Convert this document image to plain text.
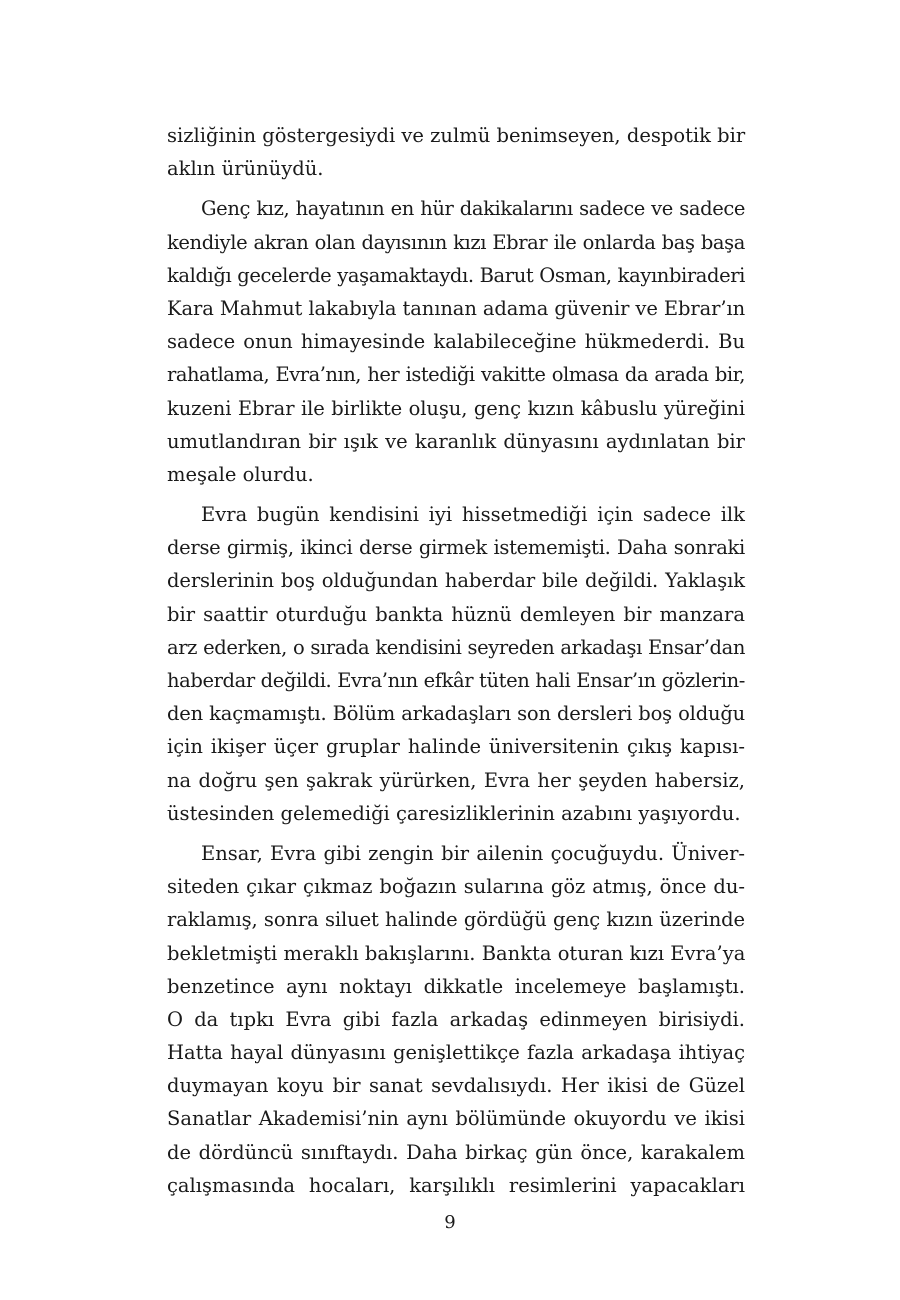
sizliğinin göstergesiydi ve zulmü benimseyen, despotik bir
aklın ürünüydü.
Genç kız, hayatının en hür dakikalarını sadece ve sadece
kendiyle akran olan dayısının kızı Ebrar ile onlarda baş başa
kaldığı gecelerde yaşamaktaydı. Barut Osman, kayınbiraderi
Kara Mahmut lakabıyla tanınan adama güvenir ve Ebrar’ın
sadece onun himayesinde kalabileceğine hükmederdi. Bu
rahatlama, Evra’nın, her istediği vakitte olmasa da arada bir,
kuzeni Ebrar ile birlikte oluşu, genç kızın kâbuslu yüreğini
umutlandıran bir ışık ve karanlık dünyasını aydınlatan bir
meşale olurdu.
Evra bugün kendisini iyi hissetmediği için sadece ilk
derse girmiş, ikinci derse girmek istememişti. Daha sonraki
derslerinin boş olduğundan haberdar bile değildi. Yaklaşık
bir saattir oturduğu bankta hüznü demleyen bir manzara
arz ederken, o sırada kendisini seyreden arkadaşı Ensar’dan
haberdar değildi. Evra’nın efkâr tüten hali Ensar’ın gözlerin-
den kaçmamıştı. Bölüm arkadaşları son dersleri boş olduğu
için ikişer üçer gruplar halinde üniversitenin çıkış kapısı-
na doğru şen şakrak yürürken, Evra her şeyden habersiz,
üstesinden gelemediği çaresizliklerinin azabını yaşıyordu.
Ensar, Evra gibi zengin bir ailenin çocuğuydu. Üniver-
siteden çıkar çıkmaz boğazın sularına göz atmış, önce du-
raklamış, sonra siluet halinde gördüğü genç kızın üzerinde
bekletmişti meraklı bakışlarını. Bankta oturan kızı Evra’ya
benzetince aynı noktayı dikkatle incelemeye başlamıştı.
O da tıpkı Evra gibi fazla arkadaş edinmeyen birisiydi.
Hatta hayal dünyasını genişlettikçe fazla arkadaşa ihtiyaç
duymayan koyu bir sanat sevdalısıydı. Her ikisi de Güzel
Sanatlar Akademisi’nin aynı bölümünde okuyordu ve ikisi
de dördüncü sınıftaydı. Daha birkaç gün önce, karakalem
çalışmasında hocaları, karşılıklı resimlerini yapacakları
9
